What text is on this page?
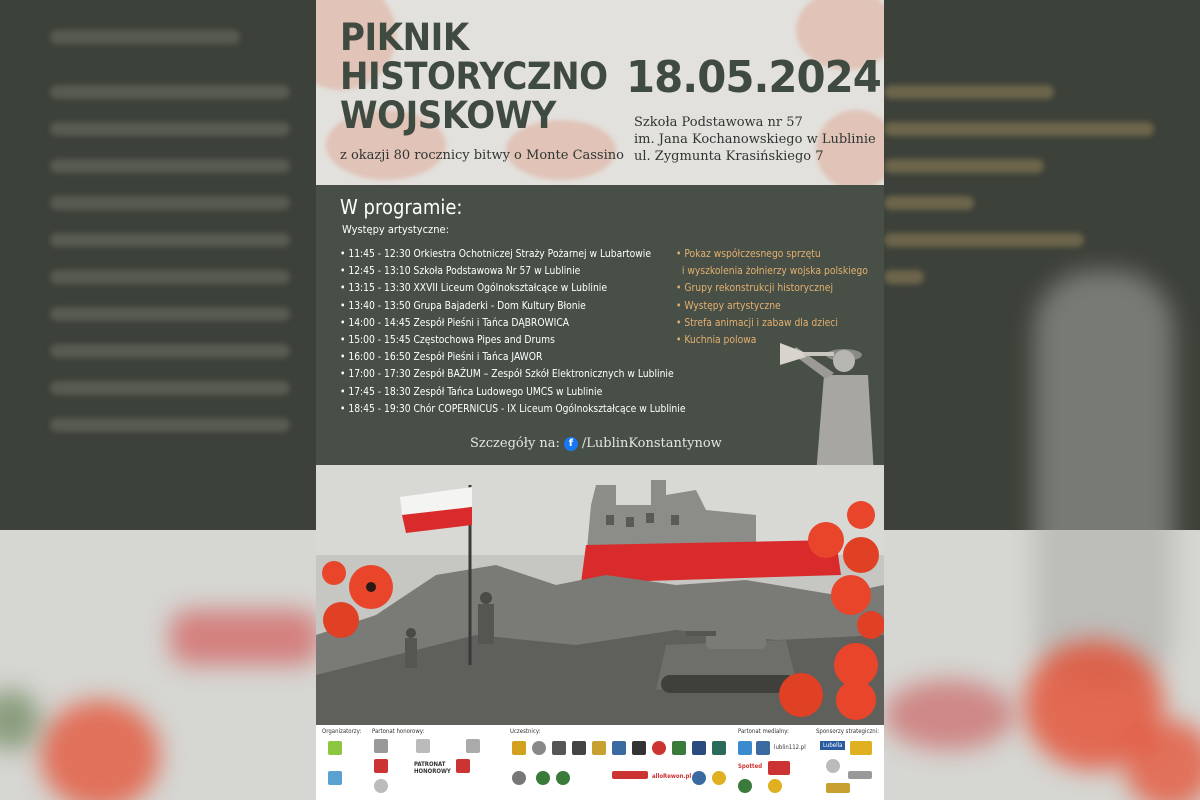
PIKNIK
HISTORYCZNO
WOJSKOWY
z okazji 80 rocznicy bitwy o Monte Cassino
18.05.2024
Szkoła Podstawowa nr 57
im. Jana Kochanowskiego w Lublinie
ul. Zygmunta Krasińskiego 7
W programie:
Występy artystyczne:
• 11:45 - 12:30 Orkiestra Ochotniczej Straży Pożarnej w Lubartowie
• 12:45 - 13:10 Szkoła Podstawowa Nr 57 w Lublinie
• 13:15 - 13:30 XXVII Liceum Ogólnokształcące w Lublinie
• 13:40 - 13:50 Grupa Bajaderki - Dom Kultury Błonie
• 14:00 - 14:45 Zespół Pieśni i Tańca DĄBROWICA
• 15:00 - 15:45 Częstochowa Pipes and Drums
• 16:00 - 16:50 Zespół Pieśni i Tańca JAWOR
• 17:00 - 17:30 Zespół BAŻUM – Zespół Szkół Elektronicznych w Lublinie
• 17:45 - 18:30 Zespół Tańca Ludowego UMCS w Lublinie
• 18:45 - 19:30 Chór COPERNICUS - IX Liceum Ogólnokształcące w Lublinie
• Pokaz współczesnego sprzętu
i wyszkolenia żołnierzy wojska polskiego
• Grupy rekonstrukcji historycznej
• Występy artystyczne
• Strefa animacji i zabaw dla dzieci
• Kuchnia polowa
Szczegóły na: f /LublinKonstantynow
Organizatorzy: Partonat honorowy:	Uczestnicy:	Partonat medialny:	Sponsorzy strategiczni:
PATRONAT HONOROWY
alloRewon.pl
lublin112.pl
Spotted
Lubella
